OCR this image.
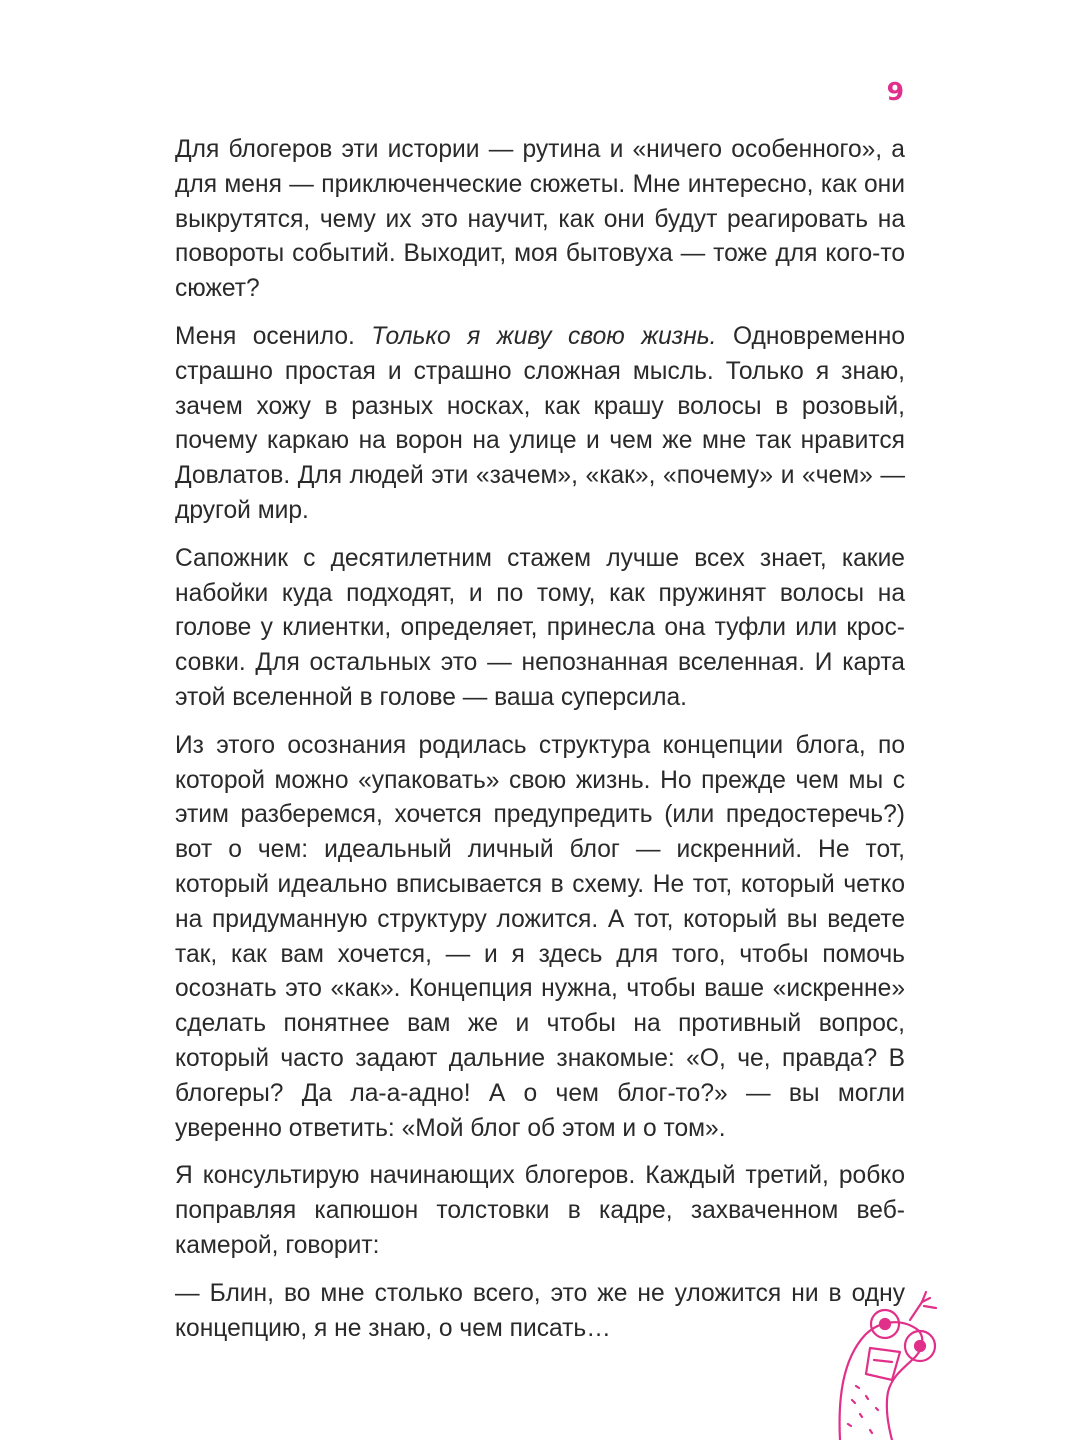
9

Для блогеров эти истории — рутина и «ничего особенного», а для меня — приключенческие сюжеты. Мне интересно, как они выкрутятся, чему их это научит, как они будут реагировать на повороты событий. Выходит, моя бытовуха — тоже для кого-то сюжет?

Меня осенило. Только я живу свою жизнь. Одновременно страшно простая и страшно сложная мысль. Только я знаю, зачем хожу в разных носках, как крашу волосы в розовый, почему каркаю на ворон на улице и чем же мне так нравится Довлатов. Для людей эти «зачем», «как», «почему» и «чем» — другой мир.

Сапожник с десятилетним стажем лучше всех знает, какие набойки куда подходят, и по тому, как пружинят волосы на голове у клиентки, определяет, принесла она туфли или кроссовки. Для остальных это — непознанная вселенная. И карта этой вселенной в голове — ваша суперсила.

Из этого осознания родилась структура концепции блога, по которой можно «упаковать» свою жизнь. Но прежде чем мы с этим разберемся, хочется предупредить (или предостеречь?) вот о чем: идеальный личный блог — искренний. Не тот, который идеально вписывается в схему. Не тот, который четко на придуманную структуру ложится. А тот, который вы ведете так, как вам хочется, — и я здесь для того, чтобы помочь осознать это «как». Концепция нужна, чтобы ваше «искренне» сделать понятнее вам же и чтобы на противный вопрос, который часто задают дальние знакомые: «О, че, правда? В блогеры? Да ла-а-адно! А о чем блог-то?» — вы могли уверенно ответить: «Мой блог об этом и о том».

Я консультирую начинающих блогеров. Каждый третий, робко поправляя капюшон толстовки в кадре, захваченном вебкамерой, говорит:

— Блин, во мне столько всего, это же не уложится ни в одну концепцию, я не знаю, о чем писать…
